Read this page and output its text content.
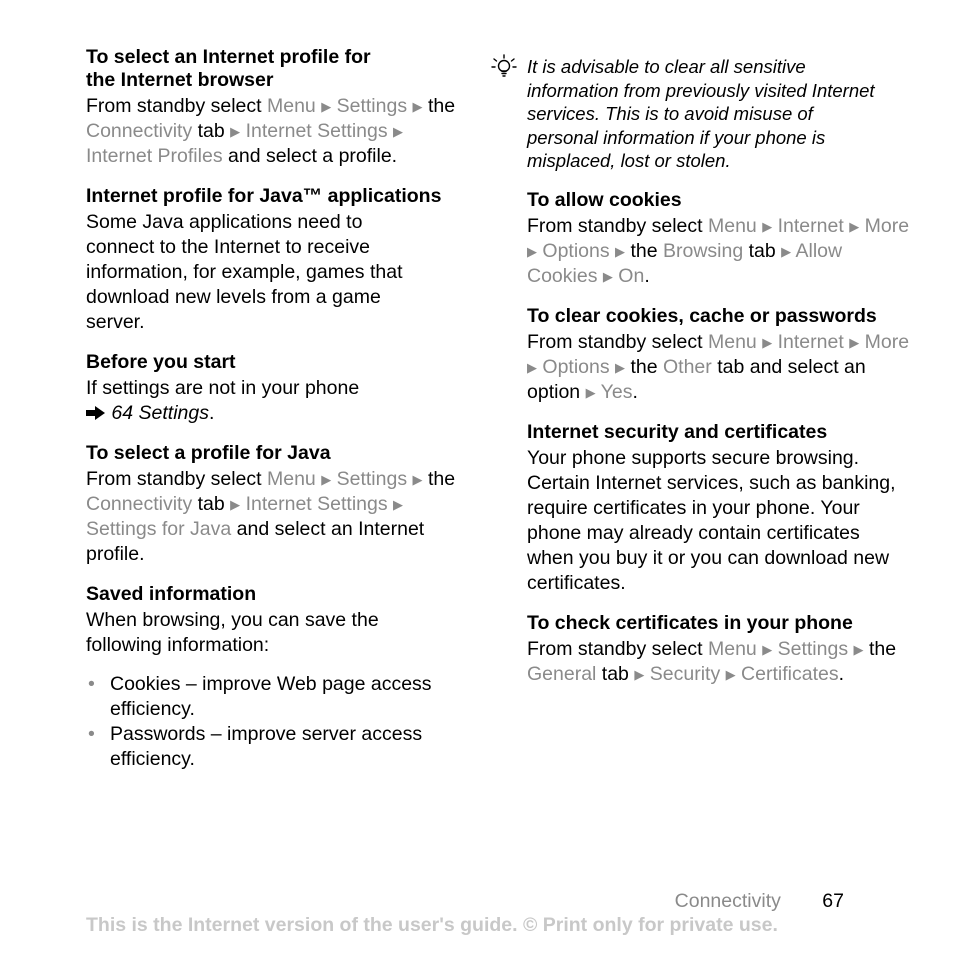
To select an Internet profile for
the Internet browser

From standby select Menu ▶ Settings ▶ the Connectivity tab ▶ Internet Settings ▶ Internet Profiles and select a profile.

Internet profile for Java™ applications

Some Java applications need to connect to the Internet to receive information, for example, games that download new levels from a game server.

Before you start

If settings are not in your phone
64 Settings.

To select a profile for Java

From standby select Menu ▶ Settings ▶ the Connectivity tab ▶ Internet Settings ▶ Settings for Java and select an Internet profile.

Saved information

When browsing, you can save the following information:

• Cookies – improve Web page access efficiency.
• Passwords – improve server access efficiency.
It is advisable to clear all sensitive information from previously visited Internet services. This is to avoid misuse of personal information if your phone is misplaced, lost or stolen.

To allow cookies

From standby select Menu ▶ Internet ▶ More ▶ Options ▶ the Browsing tab ▶ Allow Cookies ▶ On.

To clear cookies, cache or passwords

From standby select Menu ▶ Internet ▶ More ▶ Options ▶ the Other tab and select an option ▶ Yes.

Internet security and certificates

Your phone supports secure browsing. Certain Internet services, such as banking, require certificates in your phone. Your phone may already contain certificates when you buy it or you can download new certificates.

To check certificates in your phone

From standby select Menu ▶ Settings ▶ the General tab ▶ Security ▶ Certificates.

Connectivity 67
This is the Internet version of the user's guide. © Print only for private use.
